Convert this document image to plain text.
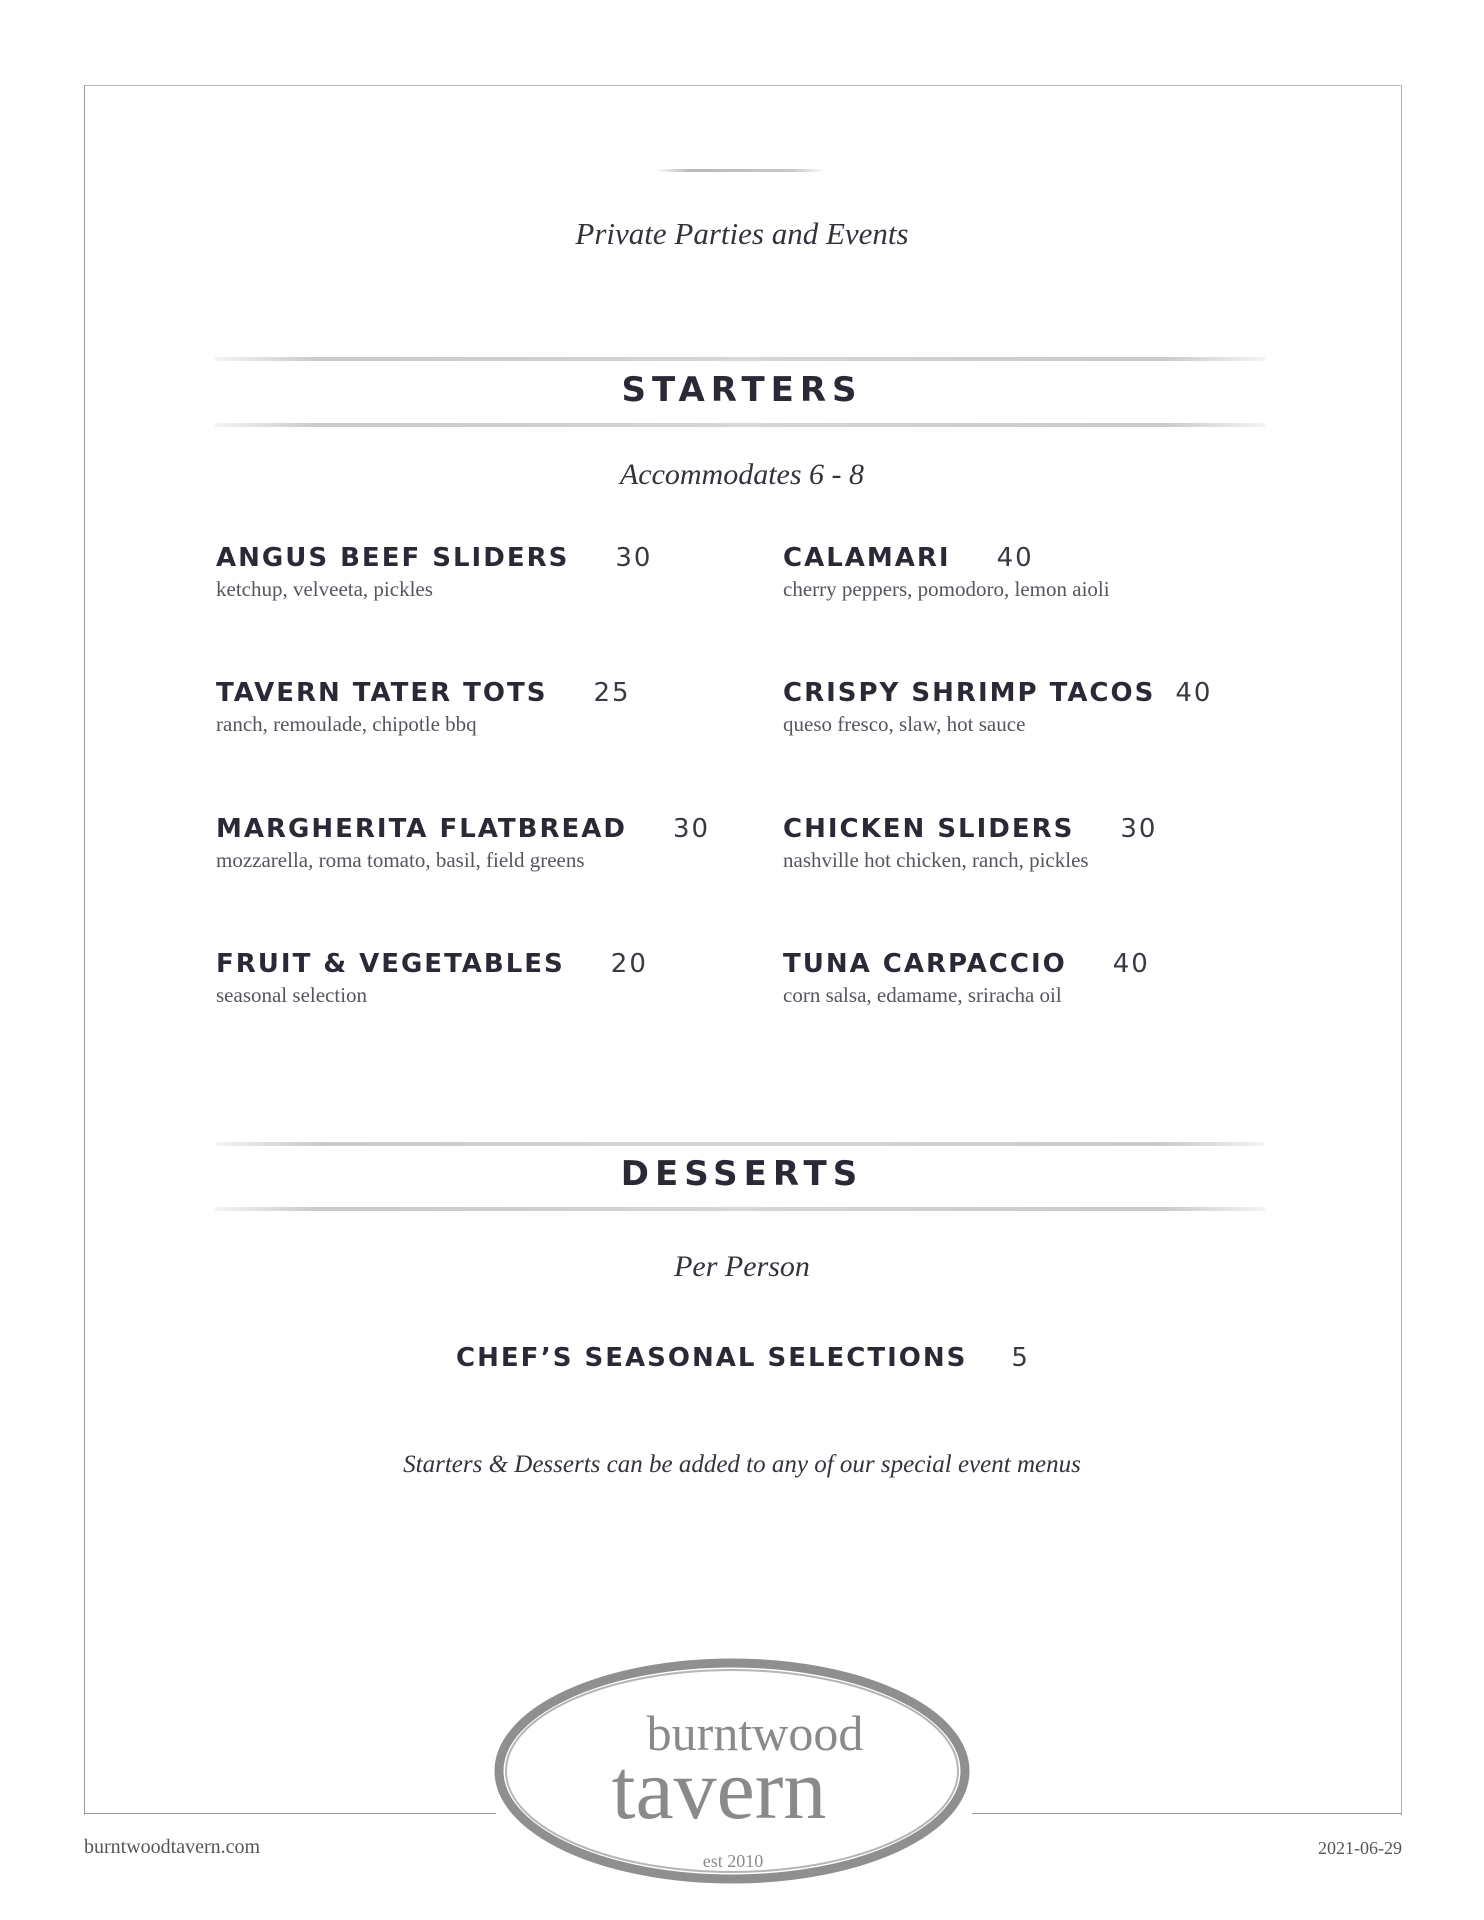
Private Parties and Events
STARTERS
Accommodates 6 - 8
ANGUS BEEF SLIDERS 30
ketchup, velveeta, pickles
TAVERN TATER TOTS 25
ranch, remoulade, chipotle bbq
MARGHERITA FLATBREAD 30
mozzarella, roma tomato, basil, field greens
FRUIT & VEGETABLES 20
seasonal selection
CALAMARI 40
cherry peppers, pomodoro, lemon aioli
CRISPY SHRIMP TACOS 40
queso fresco, slaw, hot sauce
CHICKEN SLIDERS 30
nashville hot chicken, ranch, pickles
TUNA CARPACCIO 40
corn salsa, edamame, sriracha oil
DESSERTS
Per Person
CHEF’S SEASONAL SELECTIONS 5
Starters & Desserts can be added to any of our special event menus
burntwood
tavern
est 2010
burntwoodtavern.com	2021-06-29
